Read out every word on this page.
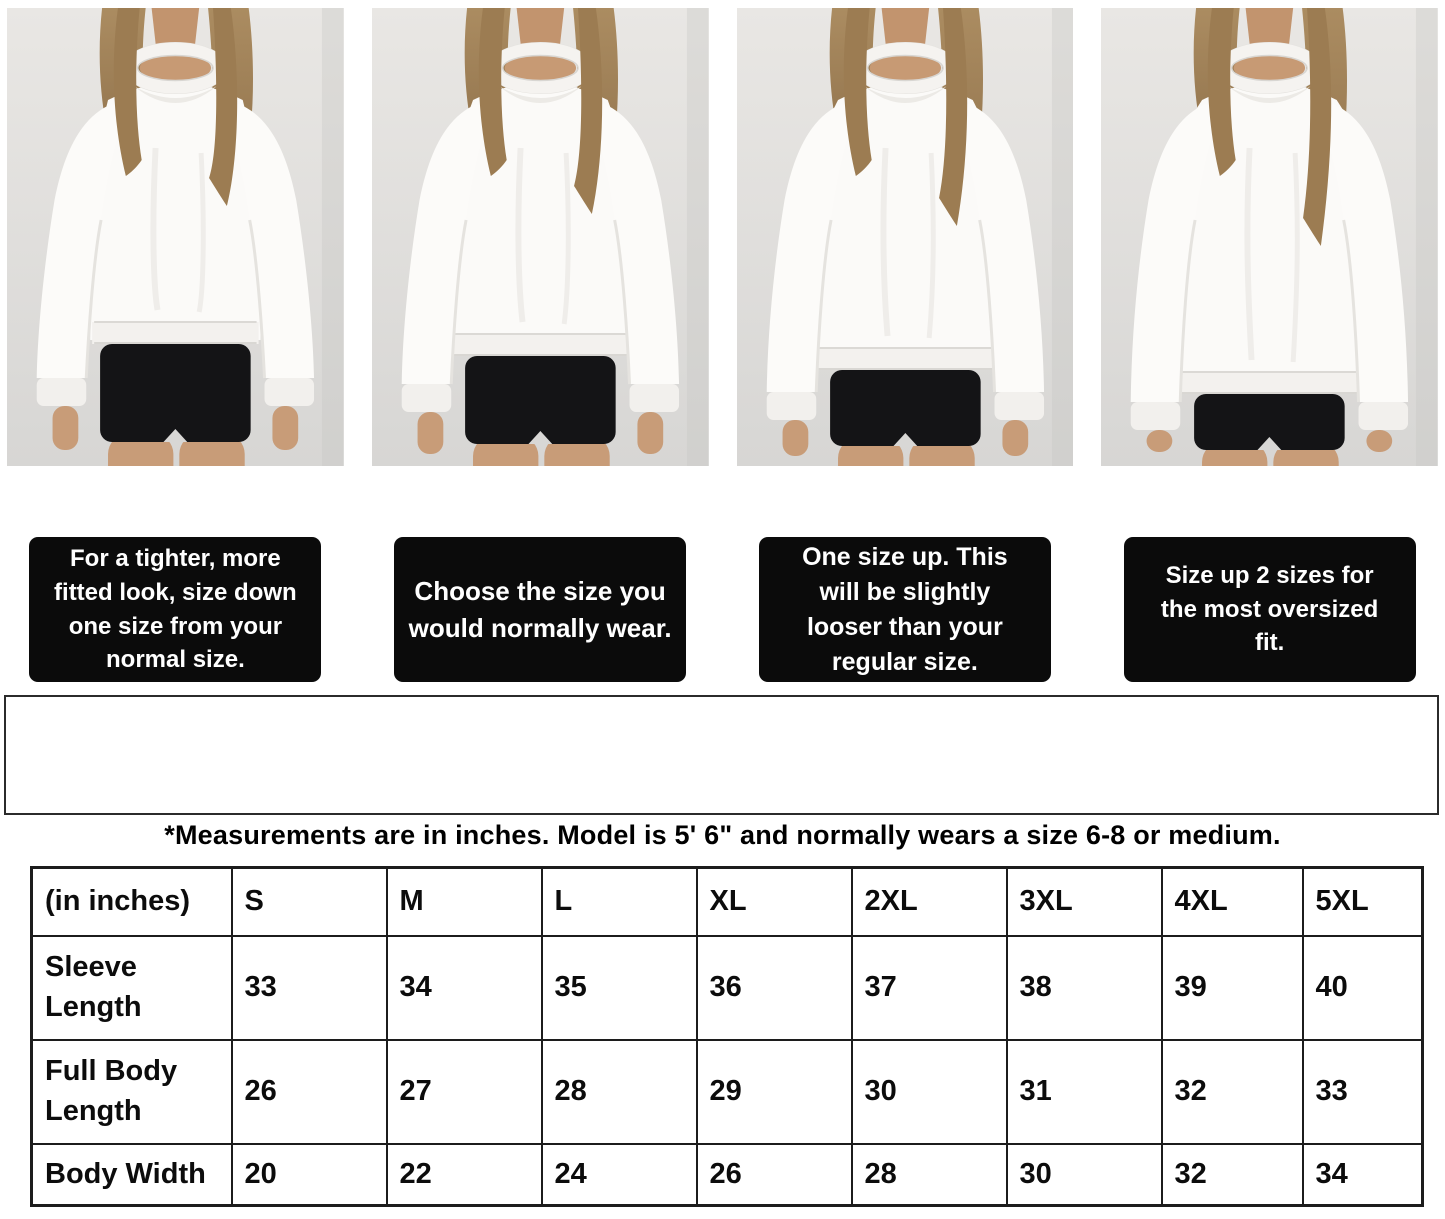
For a tighter, more fitted look, size down one size from your normal size.
Choose the size you would normally wear.
One size up. This will be slightly looser than your regular size.
Size up 2 sizes for the most oversized fit.

*Measurements are in inches. Model is 5' 6" and normally wears a size 6-8 or medium.

(in inches)	S	M	L	XL	2XL	3XL	4XL	5XL
Sleeve Length	33	34	35	36	37	38	39	40
Full Body Length	26	27	28	29	30	31	32	33
Body Width	20	22	24	26	28	30	32	34
